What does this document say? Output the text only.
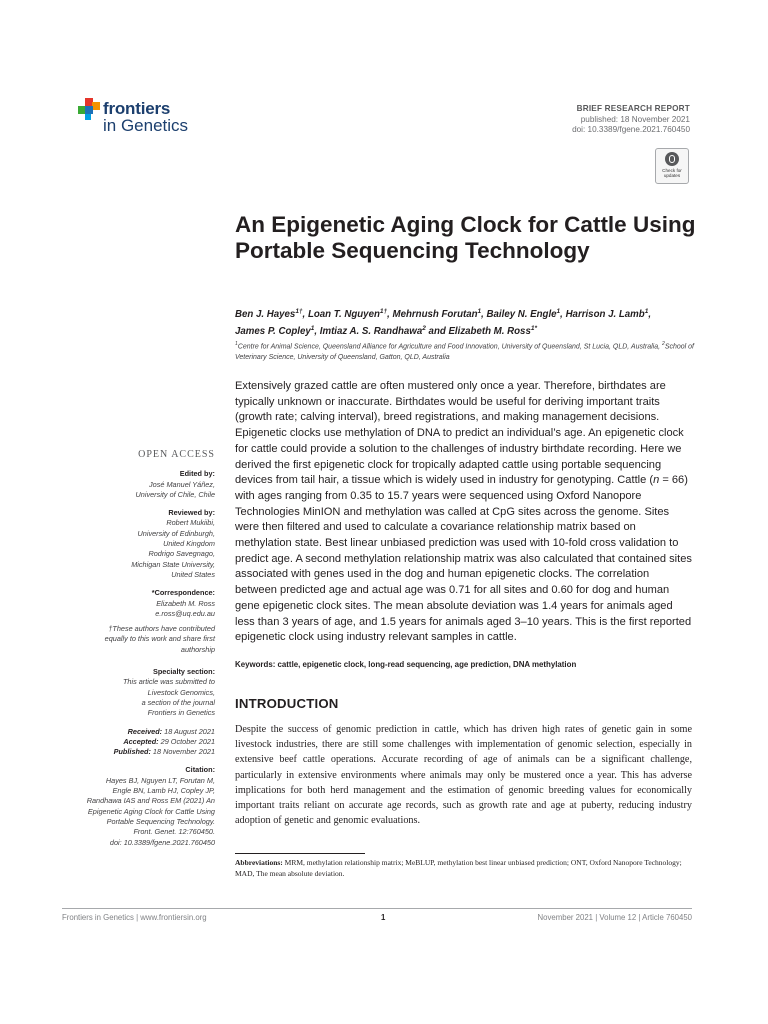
frontiers
in Genetics
BRIEF RESEARCH REPORT
published: 18 November 2021
doi: 10.3389/fgene.2021.760450
Check for
updates
An Epigenetic Aging Clock for Cattle Using Portable Sequencing Technology
Ben J. Hayes$^{1\dagger}$, Loan T. Nguyen$^{1\dagger}$, Mehrnush Forutan$^1$, Bailey N. Engle$^1$, Harrison J. Lamb$^1$,
James P. Copley$^1$, Imtiaz A. S. Randhawa$^2$ and Elizabeth M. Ross$^{1*}$
$^1$Centre for Animal Science, Queensland Alliance for Agriculture and Food Innovation, University of Queensland, St Lucia, QLD, Australia, $^2$School of Veterinary Science, University of Queensland, Gatton, QLD, Australia
Extensively grazed cattle are often mustered only once a year. Therefore, birthdates are typically unknown or inaccurate. Birthdates would be useful for deriving important traits (growth rate; calving interval), breed registrations, and making management decisions. Epigenetic clocks use methylation of DNA to predict an individual’s age. An epigenetic clock for cattle could provide a solution to the challenges of industry birthdate recording. Here we derived the first epigenetic clock for tropically adapted cattle using portable sequencing devices from tail hair, a tissue which is widely used in industry for genotyping. Cattle (n = 66) with ages ranging from 0.35 to 15.7 years were sequenced using Oxford Nanopore Technologies MinION and methylation was called at CpG sites across the genome. Sites were then filtered and used to calculate a covariance relationship matrix based on methylation state. Best linear unbiased prediction was used with 10-fold cross validation to predict age. A second methylation relationship matrix was also calculated that contained sites associated with genes used in the dog and human epigenetic clocks. The correlation between predicted age and actual age was 0.71 for all sites and 0.60 for dog and human gene epigenetic clock sites. The mean absolute deviation was 1.4 years for animals aged less than 3 years of age, and 1.5 years for animals aged 3–10 years. This is the first reported epigenetic clock using industry relevant samples in cattle.
Keywords: cattle, epigenetic clock, long-read sequencing, age prediction, DNA methylation
INTRODUCTION
Despite the success of genomic prediction in cattle, which has driven high rates of genetic gain in some livestock industries, there are still some challenges with implementation of genomic selection, especially in extensive beef cattle operations. Accurate recording of age of animals can be a significant challenge, particularly in extensive environments where animals may only be mustered once a year. This has adverse implications for both herd management and the estimation of genomic breeding values for economically important traits reliant on accurate age records, such as growth rate and age at puberty, reducing industry adoption of genetic and genomic evaluations.
Abbreviations: MRM, methylation relationship matrix; MeBLUP, methylation best linear unbiased prediction; ONT, Oxford Nanopore Technology; MAD, The mean absolute deviation.
OPEN ACCESS
Edited by:
José Manuel Yáñez,
University of Chile, Chile
Reviewed by:
Robert Mukiibi,
University of Edinburgh,
United Kingdom
Rodrigo Savegnago,
Michigan State University,
United States
*Correspondence:
Elizabeth M. Ross
e.ross@uq.edu.au
†These authors have contributed
equally to this work and share first
authorship
Specialty section:
This article was submitted to
Livestock Genomics,
a section of the journal
Frontiers in Genetics
Received: 18 August 2021
Accepted: 29 October 2021
Published: 18 November 2021
Citation:
Hayes BJ, Nguyen LT, Forutan M,
Engle BN, Lamb HJ, Copley JP,
Randhawa IAS and Ross EM (2021) An
Epigenetic Aging Clock for Cattle Using
Portable Sequencing Technology.
Front. Genet. 12:760450.
doi: 10.3389/fgene.2021.760450
Frontiers in Genetics | www.frontiersin.org	1	November 2021 | Volume 12 | Article 760450
